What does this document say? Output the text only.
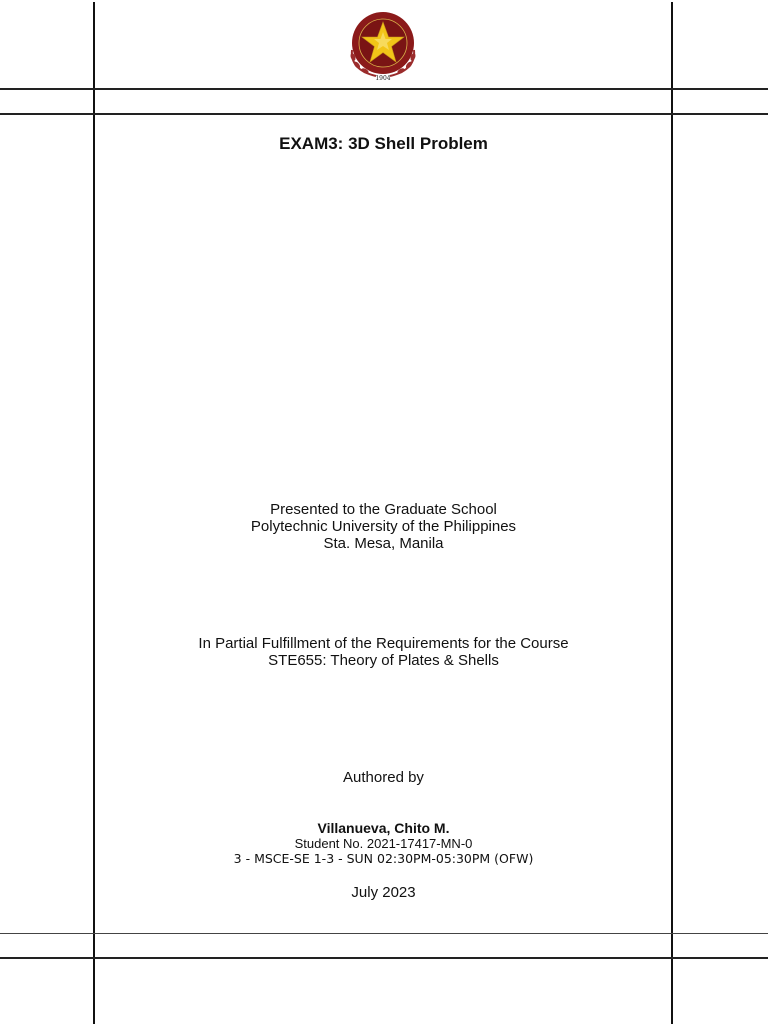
1904
EXAM3: 3D Shell Problem
Presented to the Graduate School
Polytechnic University of the Philippines
Sta. Mesa, Manila
In Partial Fulfillment of the Requirements for the Course
STE655: Theory of Plates & Shells
Authored by
Villanueva, Chito M.
Student No. 2021-17417-MN-0
3 - MSCE-SE 1-3 - SUN 02:30PM-05:30PM (OFW)
July 2023
